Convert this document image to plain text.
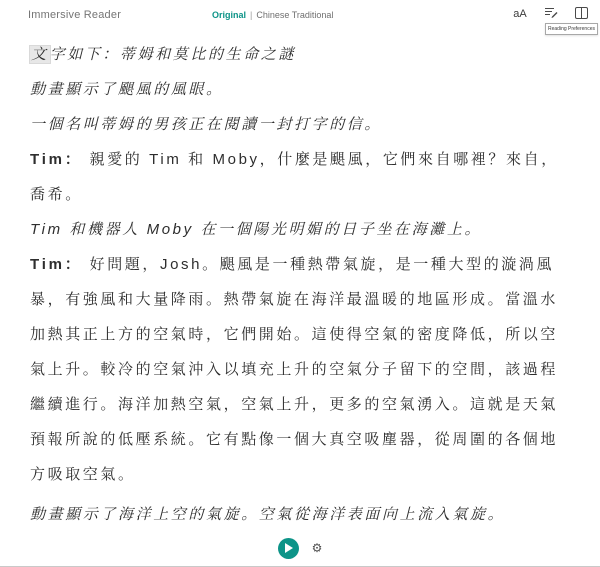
Immersive Reader	Original | Chinese Traditional	aA
Reading Preferences

文字如下：蒂姆和莫比的生命之謎

動畫顯示了颶風的風眼。

一個名叫蒂姆的男孩正在閱讀一封打字的信。

Tim： 親愛的 Tim 和 Moby，什麼是颶風，它們來自哪裡？來自，喬希。

Tim 和機器人 Moby 在一個陽光明媚的日子坐在海灘上。

Tim： 好問題，Josh。颶風是一種熱帶氣旋，是一種大型的漩渦風暴，有強風和大量降雨。熱帶氣旋在海洋最溫暖的地區形成。當溫水加熱其正上方的空氣時，它們開始。這使得空氣的密度降低，所以空氣上升。較冷的空氣沖入以填充上升的空氣分子留下的空間，該過程繼續進行。海洋加熱空氣，空氣上升，更多的空氣湧入。這就是天氣預報所說的低壓系統。它有點像一個大真空吸塵器，從周圍的各個地方吸取空氣。

動畫顯示了海洋上空的氣旋。空氣從海洋表面向上流入氣旋。

⚙
